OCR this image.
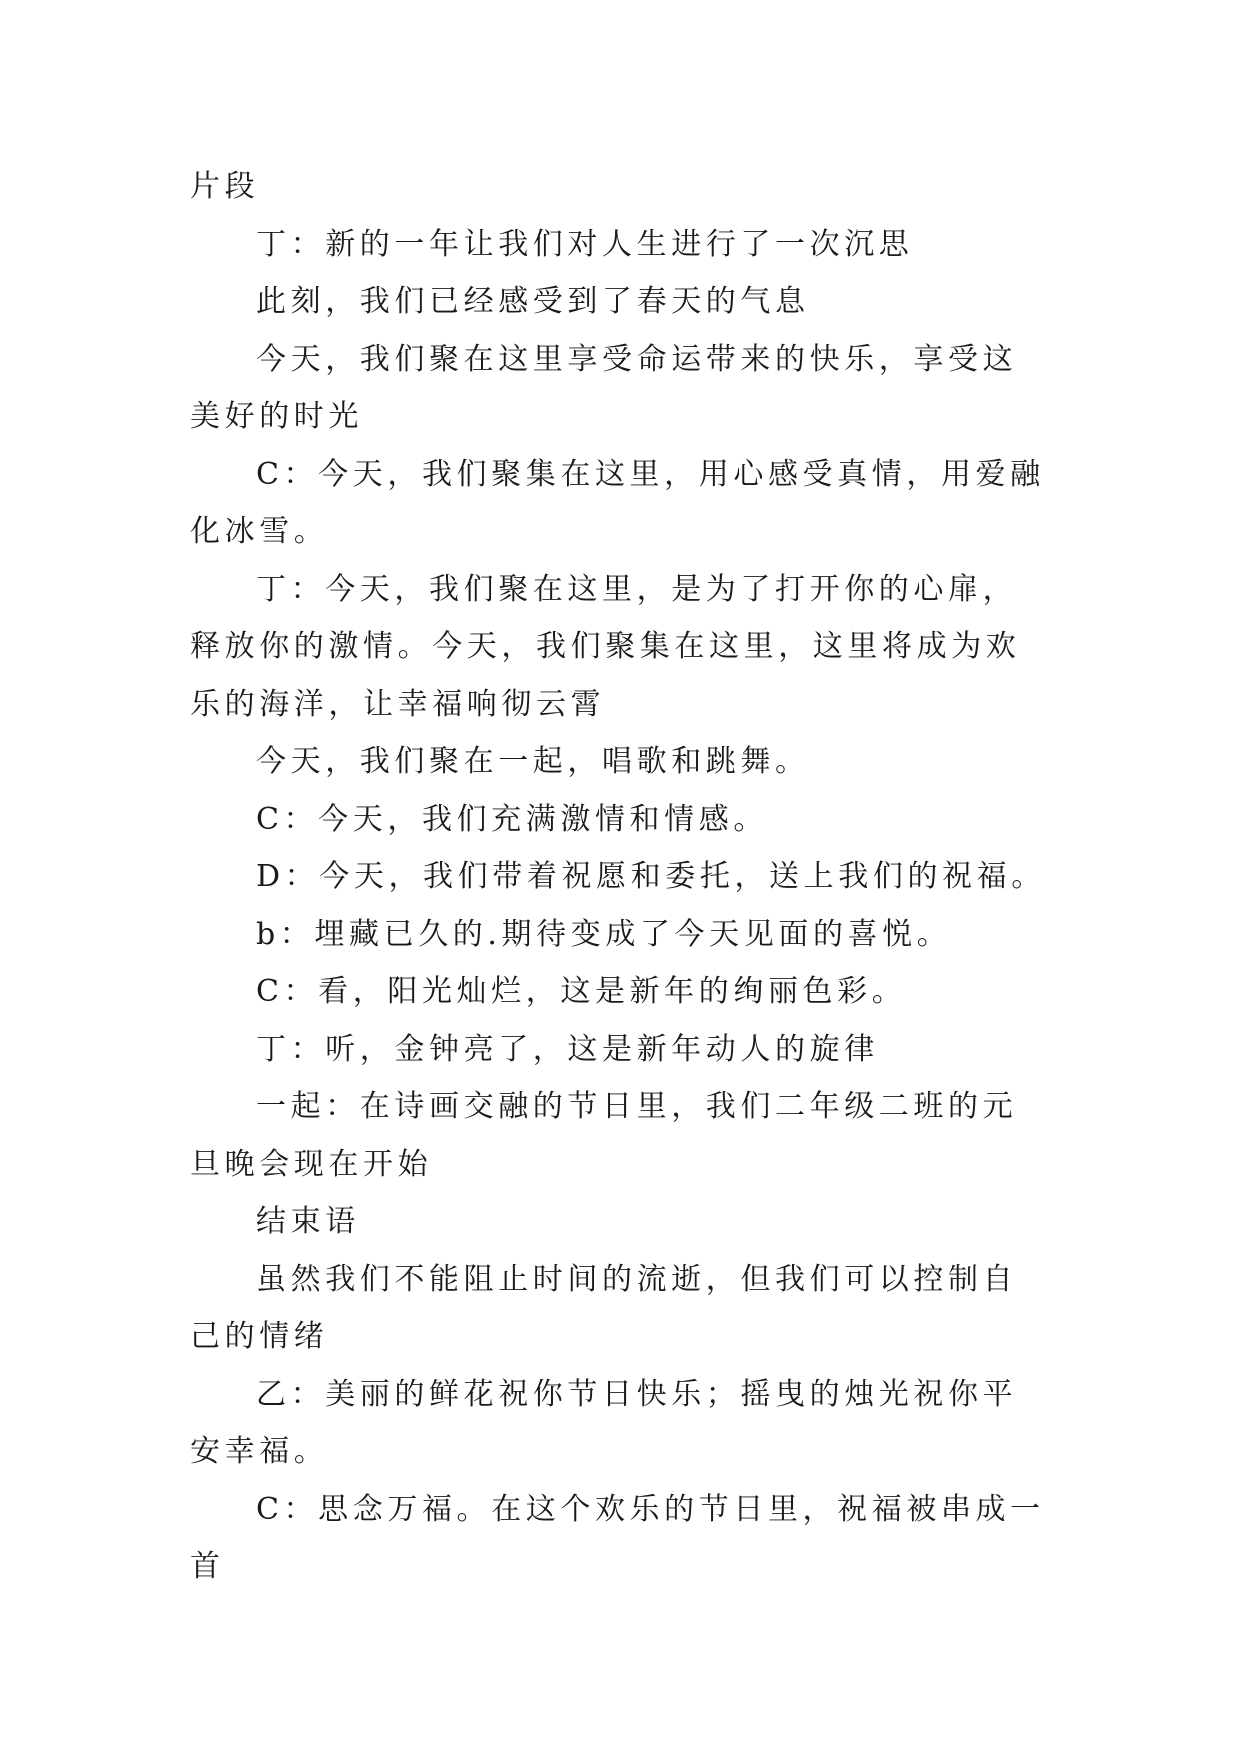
片段

丁：新的一年让我们对人生进行了一次沉思

此刻，我们已经感受到了春天的气息

今天，我们聚在这里享受命运带来的快乐，享受这美好的时光

C：今天，我们聚集在这里，用心感受真情，用爱融化冰雪。

丁：今天，我们聚在这里，是为了打开你的心扉，释放你的激情。今天，我们聚集在这里，这里将成为欢乐的海洋，让幸福响彻云霄

今天，我们聚在一起，唱歌和跳舞。

C：今天，我们充满激情和情感。

D：今天，我们带着祝愿和委托，送上我们的祝福。

b：埋藏已久的.期待变成了今天见面的喜悦。

C：看，阳光灿烂，这是新年的绚丽色彩。

丁：听，金钟亮了，这是新年动人的旋律

一起：在诗画交融的节日里，我们二年级二班的元旦晚会现在开始

结束语

虽然我们不能阻止时间的流逝，但我们可以控制自己的情绪

乙：美丽的鲜花祝你节日快乐；摇曳的烛光祝你平安幸福。

C：思念万福。在这个欢乐的节日里，祝福被串成一首
